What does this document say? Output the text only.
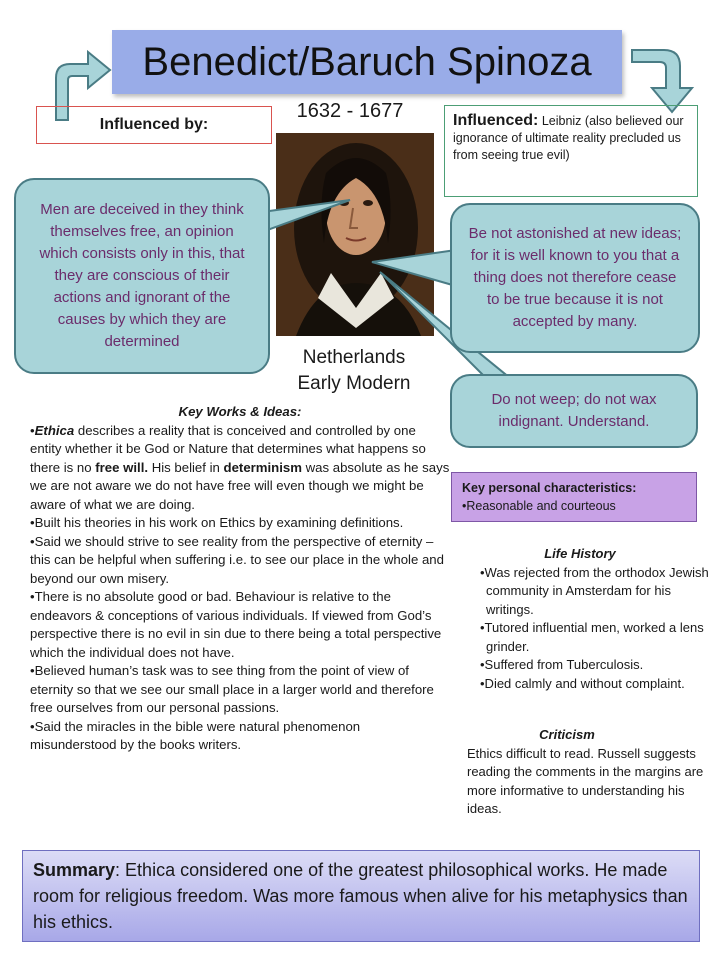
Benedict/Baruch Spinoza
Influenced by:
1632 - 1677
Netherlands
Early Modern
Influenced: Leibniz (also believed our ignorance of ultimate reality precluded us from seeing true evil)
Men are deceived in they think themselves free, an opinion which consists only in this, that they are conscious of their actions and ignorant of the causes by which they are determined
Be not astonished at new ideas; for it is well known to you that a thing does not therefore cease to be true because it is not accepted by many.
Do not weep; do not wax indignant. Understand.
Key Works & Ideas:

•Ethica describes a reality that is conceived and controlled by one entity whether it be God or Nature that determines what happens so there is no free will. His belief in determinism was absolute as he says we are not aware we do not have free will even though we might be aware of what we are doing.

•Built his theories in his work on Ethics by examining definitions.

•Said we should strive to see reality from the perspective of eternity – this can be helpful when suffering i.e. to see our place in the whole and beyond our own misery.

•There is no absolute good or bad. Behaviour is relative to the endeavors & conceptions of various individuals. If viewed from God’s perspective there is no evil in sin due to there being a total perspective which the individual does not have.

•Believed human’s task was to see thing from the point of view of eternity so that we see our small place in a larger world and therefore free ourselves from our personal passions.

•Said the miracles in the bible were natural phenomenon misunderstood by the books writers.

Key personal characteristics:
•Reasonable and courteous
Life History
•Was rejected from the orthodox Jewish community in Amsterdam for his writings.
•Tutored influential men, worked a lens grinder.
•Suffered from Tuberculosis.
•Died calmly and without complaint.
Criticism
Ethics difficult to read. Russell suggests reading the comments in the margins are more informative to understanding his ideas.
Summary: Ethica considered one of the greatest philosophical works. He made room for religious freedom. Was more famous when alive for his metaphysics than his ethics.
